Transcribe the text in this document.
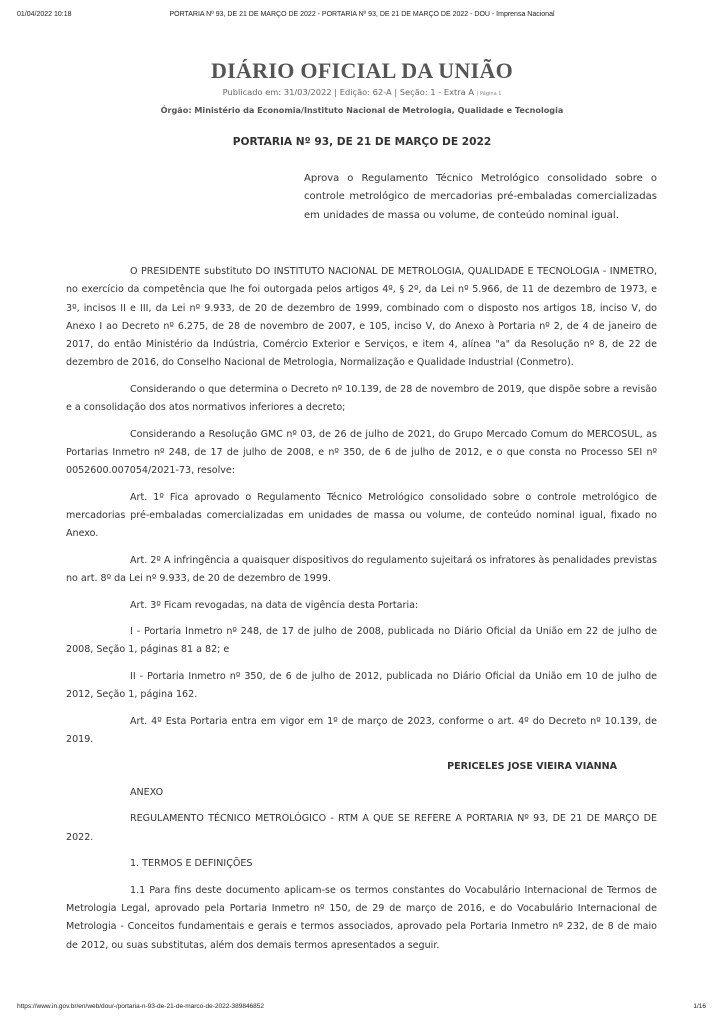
01/04/2022 10:18	PORTARIA Nº 93, DE 21 DE MARÇO DE 2022 - PORTARIA Nº 93, DE 21 DE MARÇO DE 2022 - DOU - Imprensa Nacional
DIÁRIO OFICIAL DA UNIÃO
Publicado em: 31/03/2022 | Edição: 62-A | Seção: 1 - Extra A | Página 1
Órgão: Ministério da Economia/Instituto Nacional de Metrologia, Qualidade e Tecnologia
PORTARIA Nº 93, DE 21 DE MARÇO DE 2022
Aprova o Regulamento Técnico Metrológico consolidado sobre o controle metrológico de mercadorias pré-embaladas comercializadas em unidades de massa ou volume, de conteúdo nominal igual.

O PRESIDENTE substituto DO INSTITUTO NACIONAL DE METROLOGIA, QUALIDADE E TECNOLOGIA - INMETRO, no exercício da competência que lhe foi outorgada pelos artigos 4º, § 2º, da Lei nº 5.966, de 11 de dezembro de 1973, e 3º, incisos II e III, da Lei nº 9.933, de 20 de dezembro de 1999, combinado com o disposto nos artigos 18, inciso V, do Anexo I ao Decreto nº 6.275, de 28 de novembro de 2007, e 105, inciso V, do Anexo à Portaria nº 2, de 4 de janeiro de 2017, do então Ministério da Indústria, Comércio Exterior e Serviços, e item 4, alínea "a" da Resolução nº 8, de 22 de dezembro de 2016, do Conselho Nacional de Metrologia, Normalização e Qualidade Industrial (Conmetro).

Considerando o que determina o Decreto nº 10.139, de 28 de novembro de 2019, que dispõe sobre a revisão e a consolidação dos atos normativos inferiores a decreto;

Considerando a Resolução GMC nº 03, de 26 de julho de 2021, do Grupo Mercado Comum do MERCOSUL, as Portarias Inmetro nº 248, de 17 de julho de 2008, e nº 350, de 6 de julho de 2012, e o que consta no Processo SEI nº 0052600.007054/2021-73, resolve:

Art. 1º Fica aprovado o Regulamento Técnico Metrológico consolidado sobre o controle metrológico de mercadorias pré-embaladas comercializadas em unidades de massa ou volume, de conteúdo nominal igual, fixado no Anexo.

Art. 2º A infringência a quaisquer dispositivos do regulamento sujeitará os infratores às penalidades previstas no art. 8º da Lei nº 9.933, de 20 de dezembro de 1999.

Art. 3º Ficam revogadas, na data de vigência desta Portaria:

I - Portaria Inmetro nº 248, de 17 de julho de 2008, publicada no Diário Oficial da União em 22 de julho de 2008, Seção 1, páginas 81 a 82; e

II - Portaria Inmetro nº 350, de 6 de julho de 2012, publicada no Diário Oficial da União em 10 de julho de 2012, Seção 1, página 162.

Art. 4º Esta Portaria entra em vigor em 1º de março de 2023, conforme o art. 4º do Decreto nº 10.139, de 2019.

PERICELES JOSE VIEIRA VIANNA

ANEXO

REGULAMENTO TÉCNICO METROLÓGICO - RTM A QUE SE REFERE A PORTARIA Nº 93, DE 21 DE MARÇO DE 2022.

1. TERMOS E DEFINIÇÕES

1.1 Para fins deste documento aplicam-se os termos constantes do Vocabulário Internacional de Termos de Metrologia Legal, aprovado pela Portaria Inmetro nº 150, de 29 de março de 2016, e do Vocabulário Internacional de Metrologia - Conceitos fundamentais e gerais e termos associados, aprovado pela Portaria Inmetro nº 232, de 8 de maio de 2012, ou suas substitutas, além dos demais termos apresentados a seguir.

https://www.in.gov.br/en/web/dou/-/portaria-n-93-de-21-de-marco-de-2022-389846852	1/16
